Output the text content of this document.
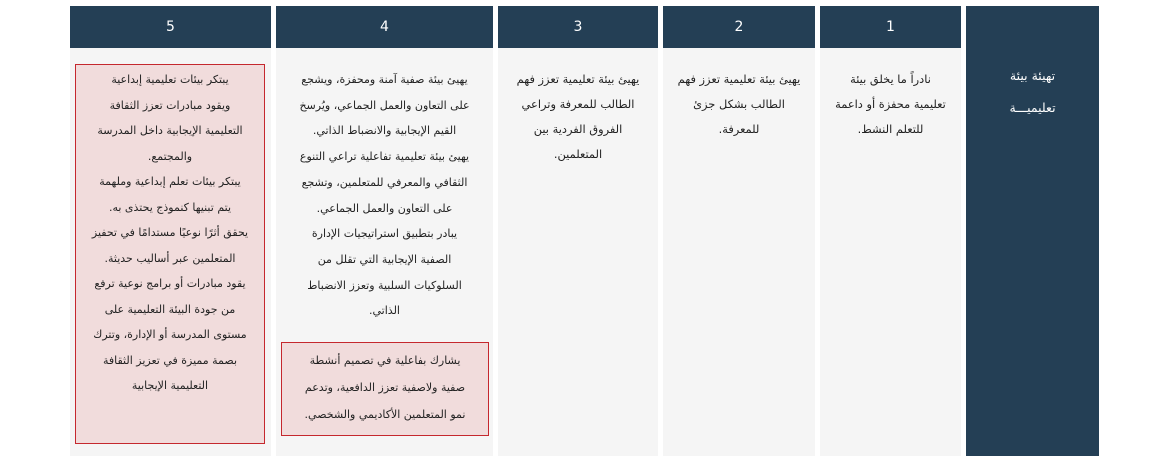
5
يبتكر بيئات تعليمية إبداعية
ويقود مبادرات تعزز الثقافة
التعليمية الإيجابية داخل المدرسة
والمجتمع.
يبتكر بيئات تعلم إبداعية وملهمة
يتم تبنيها كنموذج يحتذى به.
يحقق أثرًا نوعيًا مستدامًا في تحفيز
المتعلمين عبر أساليب حديثة.
يقود مبادرات أو برامج نوعية ترفع
من جودة البيئة التعليمية على
مستوى المدرسة أو الإدارة، وتترك
بصمة مميزة في تعزيز الثقافة
التعليمية الإيجابية
4
يهيئ بيئة صفية آمنة ومحفزة، ويشجع
على التعاون والعمل الجماعي، ويُرسخ
القيم الإيجابية والانضباط الذاتي.
يهيئ بيئة تعليمية تفاعلية تراعي التنوع
الثقافي والمعرفي للمتعلمين، وتشجع
على التعاون والعمل الجماعي.
يبادر بتطبيق استراتيجيات الإدارة
الصفية الإيجابية التي تقلل من
السلوكيات السلبية وتعزز الانضباط
الذاتي.
يشارك بفاعلية في تصميم أنشطة
صفية ولاصفية تعزز الدافعية، وتدعم
نمو المتعلمين الأكاديمي والشخصي.
3
يهيئ بيئة تعليمية تعزز فهم
الطالب للمعرفة وتراعي
الفروق الفردية بين
المتعلمين.
2
يهيئ بيئة تعليمية تعزز فهم
الطالب بشكل جزئ
للمعرفة.
1
نادراً ما يخلق بيئة
تعليمية محفزة أو داعمة
للتعلم النشط.
تهيئة بيئة
تعليميـــة
